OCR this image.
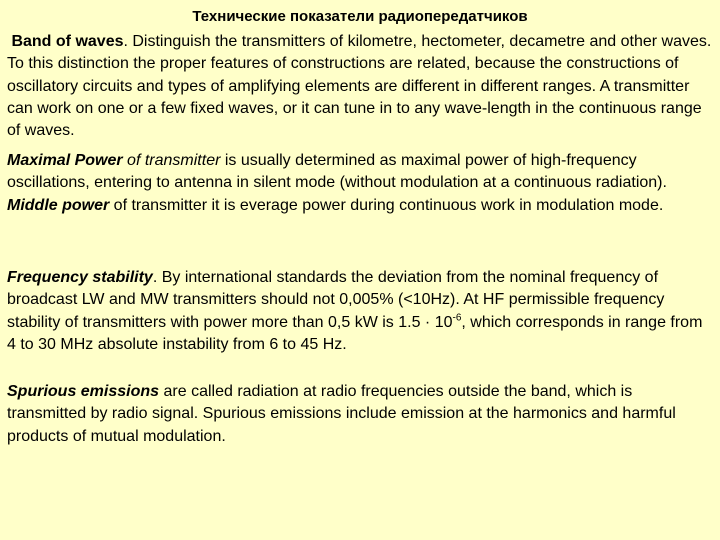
Технические показатели радиопередатчиков
Band of waves. Distinguish the transmitters of kilometre, hectometer, decametre and other waves. To this distinction the proper features of constructions are related, because the constructions of oscillatory circuits and types of amplifying elements are different in different ranges. A transmitter can work on one or a few fixed waves, or it can tune in to any wave-length in the continuous range of waves.
Maximal Power of transmitter is usually determined as maximal power of high-frequency oscillations, entering to antenna in silent mode (without modulation at a continuous radiation). Middle power of transmitter it is everage power during continuous work in modulation mode.
Frequency stability. By international standards the deviation from the nominal frequency of broadcast LW and MW transmitters should not 0,005% (<10Hz). At HF permissible frequency stability of transmitters with power more than 0,5 kW is $1.5 \cdot 10^{-6}$, which corresponds in range from 4 to 30 MHz absolute instability from 6 to 45 Hz.
Spurious emissions are called radiation at radio frequencies outside the band, which is transmitted by radio signal. Spurious emissions include emission at the harmonics and harmful products of mutual modulation.
